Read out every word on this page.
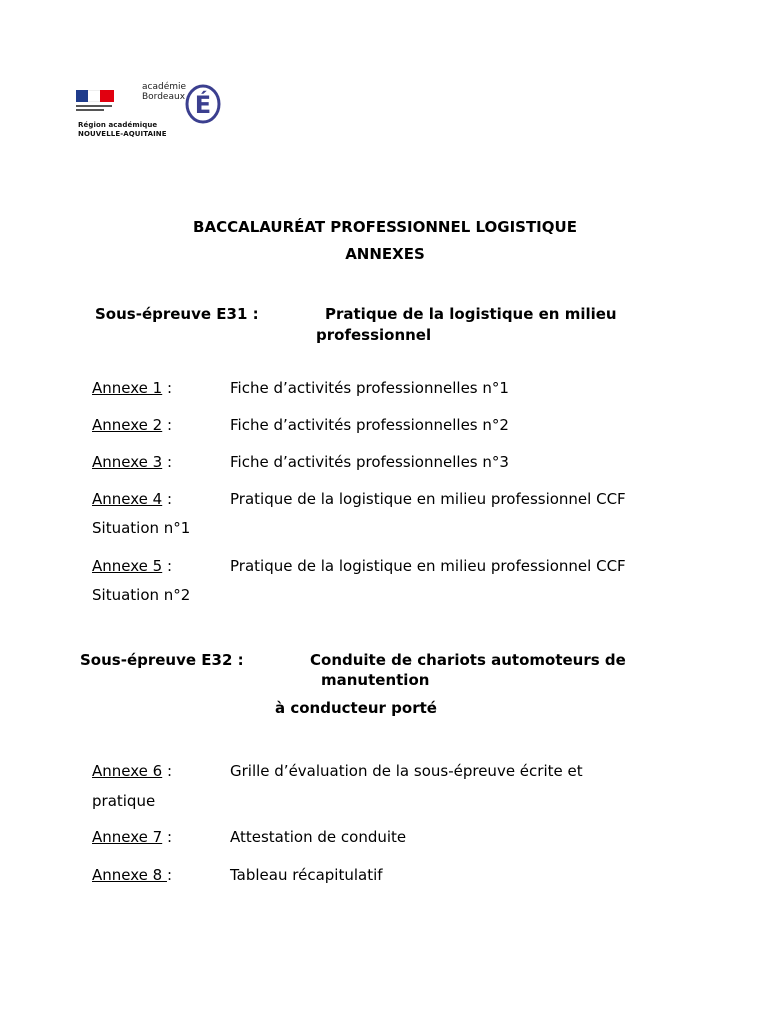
académie
Bordeaux É
Région académique
NOUVELLE-AQUITAINE
BACCALAURÉAT PROFESSIONNEL LOGISTIQUE
ANNEXES
Sous-épreuve E31 :	Pratique de la logistique en milieu
professionnel
Annexe 1 :	Fiche d’activités professionnelles n°1
Annexe 2 :	Fiche d’activités professionnelles n°2
Annexe 3 :	Fiche d’activités professionnelles n°3
Annexe 4 :	Pratique de la logistique en milieu professionnel CCF
Situation n°1
Annexe 5 :	Pratique de la logistique en milieu professionnel CCF
Situation n°2
Sous-épreuve E32 :	Conduite de chariots automoteurs de
manutention
à conducteur porté
Annexe 6 :	Grille d’évaluation de la sous-épreuve écrite et
pratique
Annexe 7 :	Attestation de conduite
Annexe 8 :	Tableau récapitulatif
